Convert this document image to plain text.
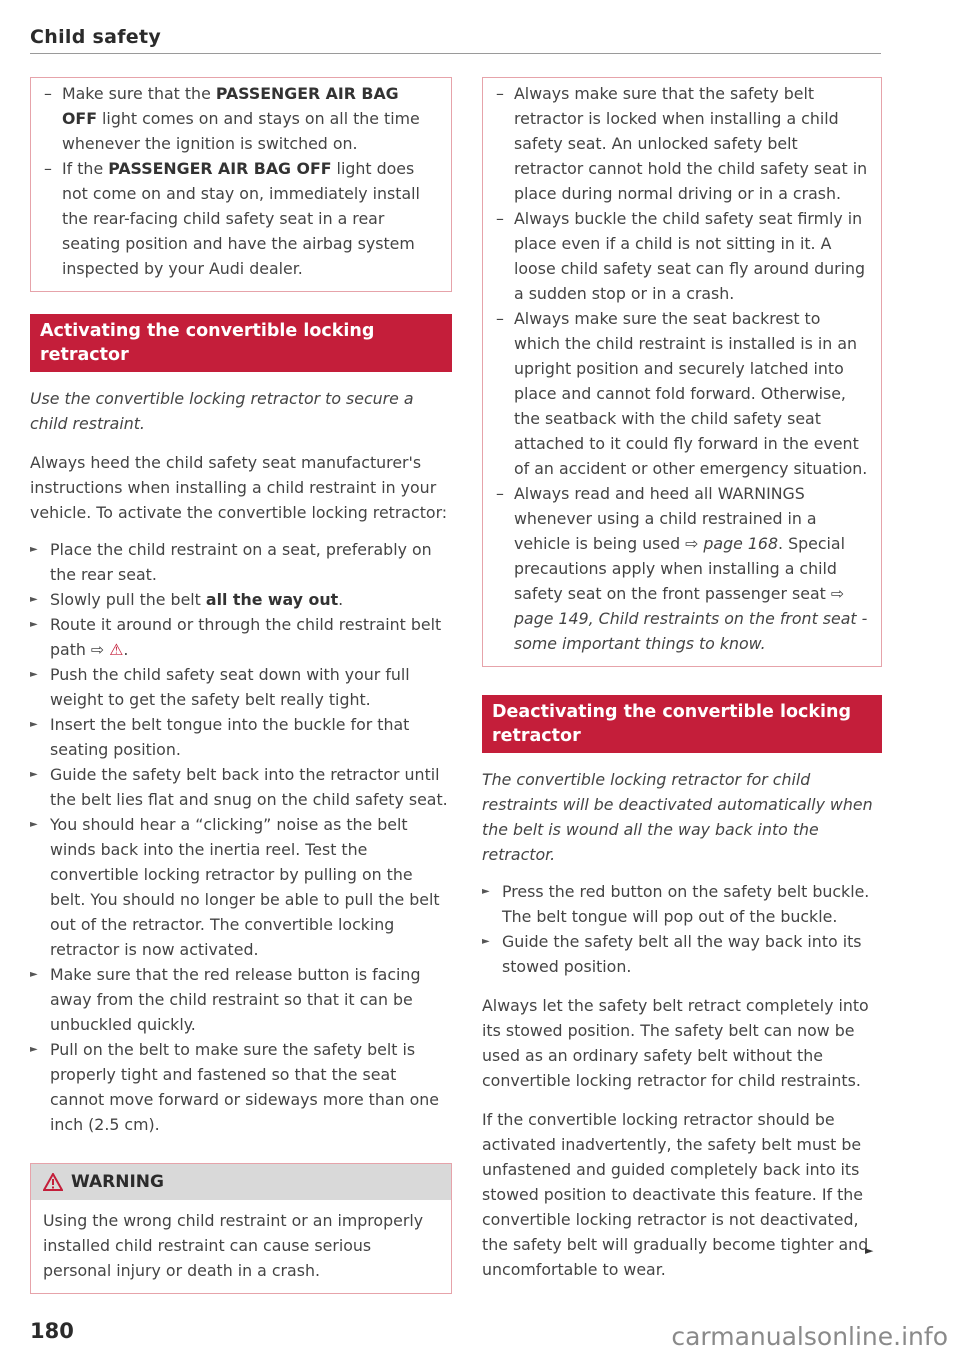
Child safety
– Make sure that the PASSENGER AIR BAG OFF light comes on and stays on all the time whenever the ignition is switched on.
– If the PASSENGER AIR BAG OFF light does not come on and stay on, immediately install the rear-facing child safety seat in a rear seating position and have the airbag system inspected by your Audi dealer.
Activating the convertible locking retractor

Use the convertible locking retractor to secure a child restraint.

Always heed the child safety seat manufacturer's instructions when installing a child restraint in your vehicle. To activate the convertible locking retractor:

► Place the child restraint on a seat, preferably on the rear seat.
► Slowly pull the belt all the way out.
► Route it around or through the child restraint belt path ⇨ ⚠.
► Push the child safety seat down with your full weight to get the safety belt really tight.
► Insert the belt tongue into the buckle for that seating position.
► Guide the safety belt back into the retractor until the belt lies flat and snug on the child safety seat.
► You should hear a “clicking” noise as the belt winds back into the inertia reel. Test the convertible locking retractor by pulling on the belt. You should no longer be able to pull the belt out of the retractor. The convertible locking retractor is now activated.
► Make sure that the red release button is facing away from the child restraint so that it can be unbuckled quickly.
► Pull on the belt to make sure the safety belt is properly tight and fastened so that the seat cannot move forward or sideways more than one inch (2.5 cm).
WARNING
Using the wrong child restraint or an improperly installed child restraint can cause serious personal injury or death in a crash.
– Always make sure that the safety belt retractor is locked when installing a child safety seat. An unlocked safety belt retractor cannot hold the child safety seat in place during normal driving or in a crash.
– Always buckle the child safety seat firmly in place even if a child is not sitting in it. A loose child safety seat can fly around during a sudden stop or in a crash.
– Always make sure the seat backrest to which the child restraint is installed is in an upright position and securely latched into place and cannot fold forward. Otherwise, the seatback with the child safety seat attached to it could fly forward in the event of an accident or other emergency situation.
– Always read and heed all WARNINGS whenever using a child restrained in a vehicle is being used ⇨ page 168. Special precautions apply when installing a child safety seat on the front passenger seat ⇨ page 149, Child restraints on the front seat - some important things to know.
Deactivating the convertible locking retractor

The convertible locking retractor for child restraints will be deactivated automatically when the belt is wound all the way back into the retractor.

► Press the red button on the safety belt buckle. The belt tongue will pop out of the buckle.
► Guide the safety belt all the way back into its stowed position.

Always let the safety belt retract completely into its stowed position. The safety belt can now be used as an ordinary safety belt without the convertible locking retractor for child restraints.

If the convertible locking retractor should be activated inadvertently, the safety belt must be unfastened and guided completely back into its stowed position to deactivate this feature. If the convertible locking retractor is not deactivated, the safety belt will gradually become tighter and uncomfortable to wear.

►
180	carmanualsonline.info
